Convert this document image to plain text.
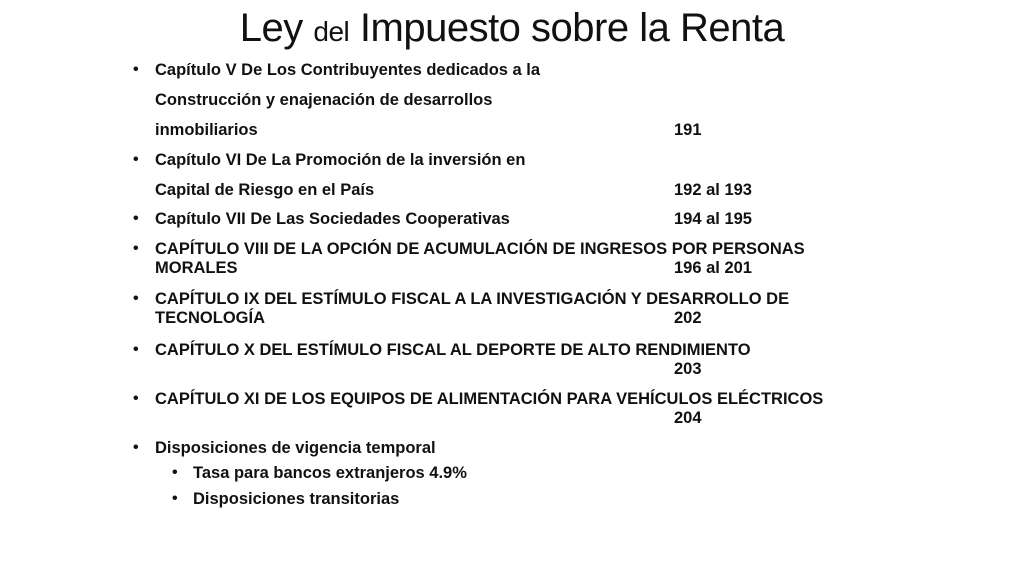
Ley del Impuesto sobre la Renta
• Capítulo V De Los Contribuyentes dedicados a la
Construcción y enajenación de desarrollos
inmobiliarios	191
• Capítulo VI De La Promoción de la inversión en
Capital de Riesgo en el País	192 al 193
• Capítulo VII De Las Sociedades Cooperativas	194 al 195
• CAPÍTULO VIII DE LA OPCIÓN DE ACUMULACIÓN DE INGRESOS POR PERSONAS
MORALES	196 al 201
• CAPÍTULO IX DEL ESTÍMULO FISCAL A LA INVESTIGACIÓN Y DESARROLLO DE
TECNOLOGÍA	202
• CAPÍTULO X DEL ESTÍMULO FISCAL AL DEPORTE DE ALTO RENDIMIENTO
203
• CAPÍTULO XI DE LOS EQUIPOS DE ALIMENTACIÓN PARA VEHÍCULOS ELÉCTRICOS
204
• Disposiciones de vigencia temporal
• Tasa para bancos extranjeros 4.9%
• Disposiciones transitorias
